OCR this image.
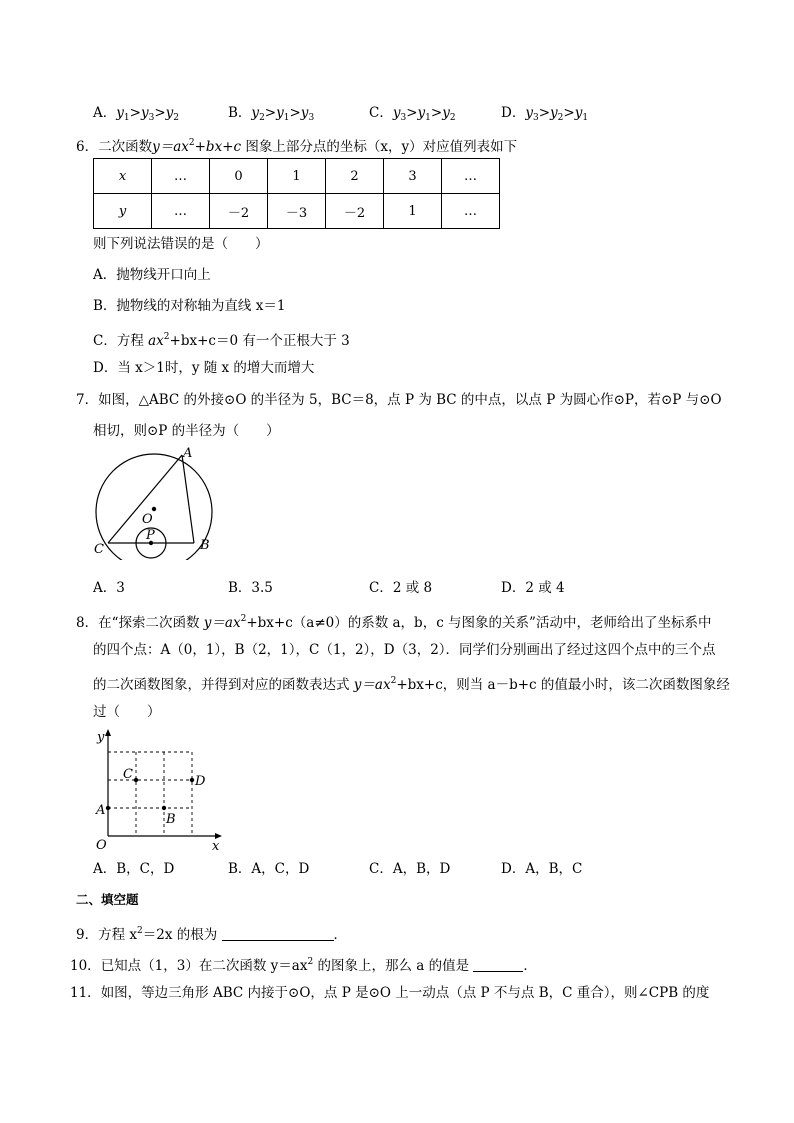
A．$y_1>y_3>y_2$	B．$y_2>y_1>y_3$	C．$y_3>y_1>y_2$	D．$y_3>y_2>y_1$
6．二次函数$y=ax^2+bx+c$ 图象上部分点的坐标（x，y）对应值列表如下
x	…	0	1	2	3	…
y	…	－2	－3	－2	1	…
则下列说法错误的是（　　）
A．抛物线开口向上
B．抛物线的对称轴为直线 x＝1
C．方程 $ax^2+bx+c=0$ 有一个正根大于 3
D．当 x＞1时，y 随 x 的增大而增大
7．如图，△ABC 的外接⊙O 的半径为 5，BC＝8，点 P 为 BC 的中点，以点 P 为圆心作⊙P，若⊙P 与⊙O
相切，则⊙P 的半径为（　　）
A
O
P
B
C
A．3	B．3.5	C．2 或 8	D．2 或 4
8．在“探索二次函数 $y=ax^2+bx+c(a\ne 0)$的系数 a，b，c 与图象的关系”活动中，老师给出了坐标系中
的四个点：A（0，1），B（2，1），C（1，2），D（3，2）．同学们分别画出了经过这四个点中的三个点
的二次函数图象，并得到对应的函数表达式 $y=ax^2+bx+c$，则当 a－b+c 的值最小时，该二次函数图象经
过（　　）
y
x
O
A
B
C	D
A．B，C，D	B．A，C，D	C．A，B，D	D．A，B，C
二、填空题
9．方程 $x^2=2x$ 的根为	．
10．已知点（1，3）在二次函数 $y=ax^2$ 的图象上，那么 a 的值是	．
11．如图，等边三角形 ABC 内接于⊙O，点 P 是⊙O 上一动点（点 P 不与点 B，C 重合），则∠CPB 的度
